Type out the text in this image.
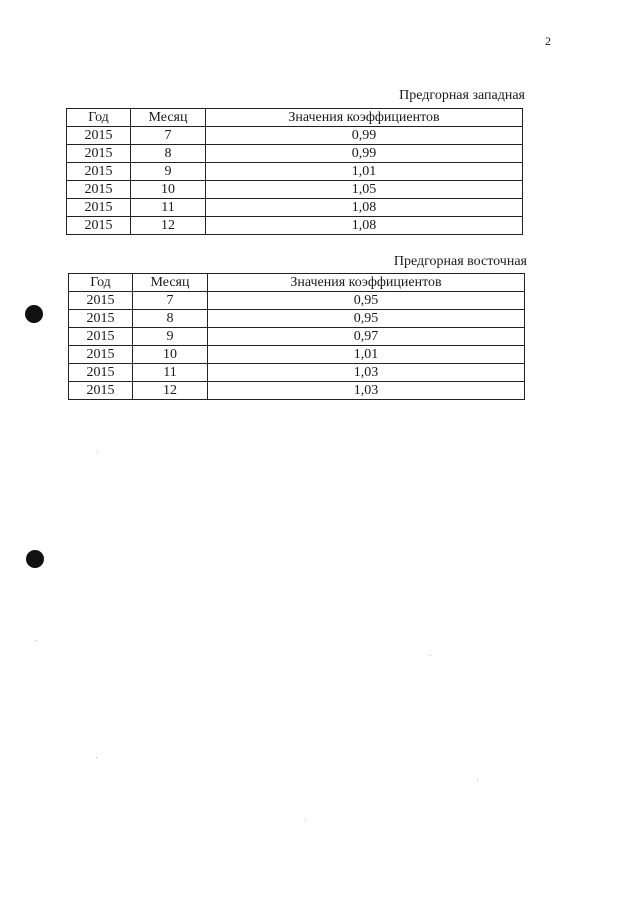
2
Предгорная западная
Год	Месяц	Значения коэффициентов
2015	7	0,99
2015	8	0,99
2015	9	1,01
2015	10	1,05
2015	11	1,08
2015	12	1,08
Предгорная восточная
Год	Месяц	Значения коэффициентов
2015	7	0,95
2015	8	0,95
2015	9	0,97
2015	10	1,01
2015	11	1,03
2015	12	1,03
